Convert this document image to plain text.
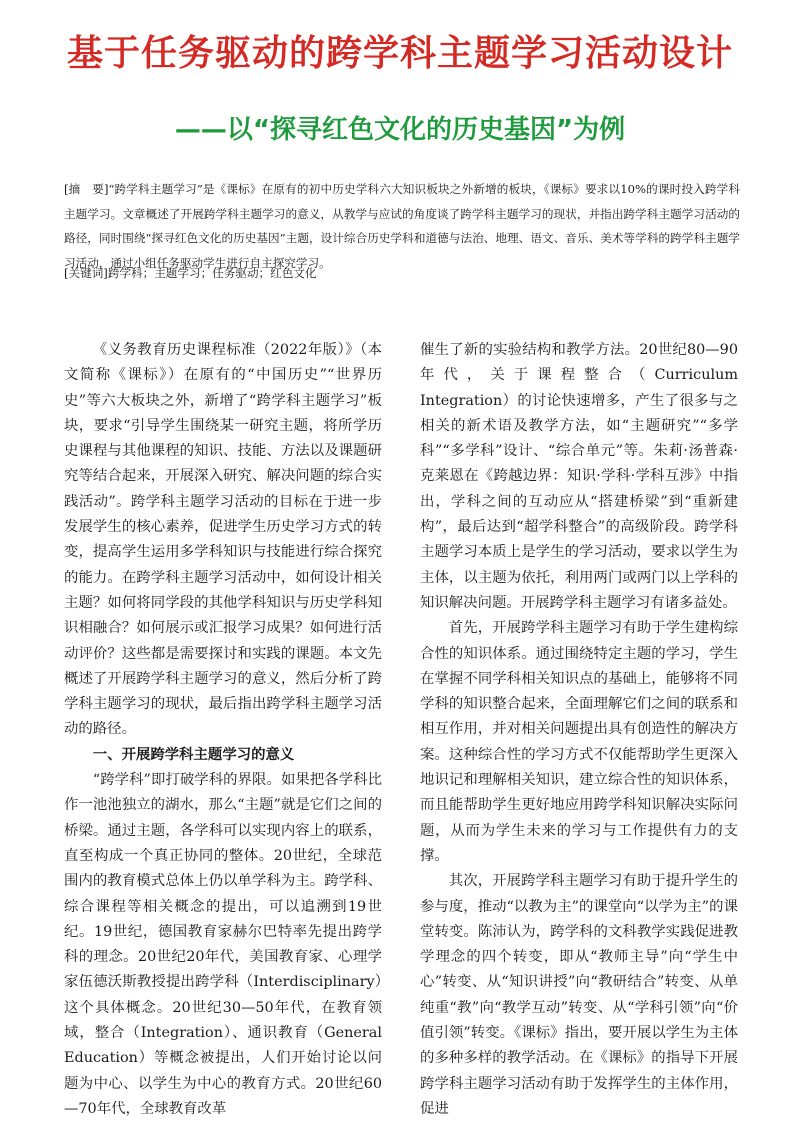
基于任务驱动的跨学科主题学习活动设计
——以“探寻红色文化的历史基因”为例
[摘　要]“跨学科主题学习”是《课标》在原有的初中历史学科六大知识板块之外新增的板块，《课标》要求以10%的课时投入跨学科主题学习。文章概述了开展跨学科主题学习的意义，从教学与应试的角度谈了跨学科主题学习的现状，并指出跨学科主题学习活动的路径，同时围绕“探寻红色文化的历史基因”主题，设计综合历史学科和道德与法治、地理、语文、音乐、美术等学科的跨学科主题学习活动，通过小组任务驱动学生进行自主探究学习。
[关键词]跨学科；主题学习；任务驱动；红色文化

《义务教育历史课程标准（2022年版）》（本文简称《课标》）在原有的“中国历史”“世界历史”等六大板块之外，新增了“跨学科主题学习”板块，要求“引导学生围绕某一研究主题，将所学历史课程与其他课程的知识、技能、方法以及课题研究等结合起来，开展深入研究、解决问题的综合实践活动”。跨学科主题学习活动的目标在于进一步发展学生的核心素养，促进学生历史学习方式的转变，提高学生运用多学科知识与技能进行综合探究的能力。在跨学科主题学习活动中，如何设计相关主题？如何将同学段的其他学科知识与历史学科知识相融合？如何展示或汇报学习成果？如何进行活动评价？这些都是需要探讨和实践的课题。本文先概述了开展跨学科主题学习的意义，然后分析了跨学科主题学习的现状，最后指出跨学科主题学习活动的路径。

一、开展跨学科主题学习的意义

“跨学科”即打破学科的界限。如果把各学科比作一池池独立的湖水，那么“主题”就是它们之间的桥梁。通过主题，各学科可以实现内容上的联系，直至构成一个真正协同的整体。20世纪，全球范围内的教育模式总体上仍以单学科为主。跨学科、综合课程等相关概念的提出，可以追溯到19世纪。19世纪，德国教育家赫尔巴特率先提出跨学科的理念。20世纪20年代，美国教育家、心理学家伍德沃斯教授提出跨学科（Interdisciplinary）这个具体概念。20世纪30—50年代，在教育领域，整合（Integration）、通识教育（General Education）等概念被提出，人们开始讨论以问题为中心、以学生为中心的教育方式。20世纪60—70年代，全球教育改革

催生了新的实验结构和教学方法。20世纪80—90年代，关于课程整合（Curriculum Integration）的讨论快速增多，产生了很多与之相关的新术语及教学方法，如“主题研究”“多学科”“多学科”设计、“综合单元”等。朱莉·汤普森·克莱恩在《跨越边界：知识·学科·学科互涉》中指出，学科之间的互动应从“搭建桥梁”到“重新建构”，最后达到“超学科整合”的高级阶段。跨学科主题学习本质上是学生的学习活动，要求以学生为主体，以主题为依托，利用两门或两门以上学科的知识解决问题。开展跨学科主题学习有诸多益处。

首先，开展跨学科主题学习有助于学生建构综合性的知识体系。通过围绕特定主题的学习，学生在掌握不同学科相关知识点的基础上，能够将不同学科的知识整合起来，全面理解它们之间的联系和相互作用，并对相关问题提出具有创造性的解决方案。这种综合性的学习方式不仅能帮助学生更深入地识记和理解相关知识，建立综合性的知识体系，而且能帮助学生更好地应用跨学科知识解决实际问题，从而为学生未来的学习与工作提供有力的支撑。

其次，开展跨学科主题学习有助于提升学生的参与度，推动“以教为主”的课堂向“以学为主”的课堂转变。陈沛认为，跨学科的文科教学实践促进教学理念的四个转变，即从“教师主导”向“学生中心”转变、从“知识讲授”向“教研结合”转变、从单纯重“教”向“教学互动”转变、从“学科引领”向“价值引领”转变。《课标》指出，要开展以学生为主体的多种多样的教学活动。在《课标》的指导下开展跨学科主题学习活动有助于发挥学生的主体作用，促进
